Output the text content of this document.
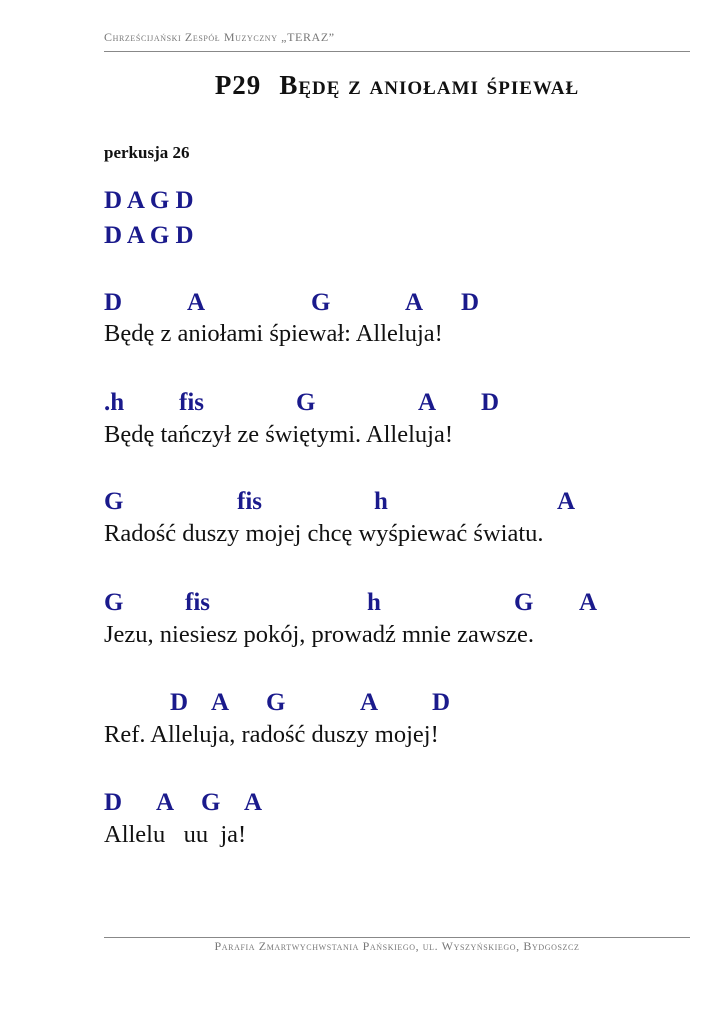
Chrześcijański Zespół Muzyczny „TERAZ”
P29 Będę z aniołami śpiewał
perkusja 26
D A G D
D A G D

D

	A

	G

	A

D

Będę z aniołami śpiewał: Alleluja!

.h

fis

	G

	A

D

Będę tańczył ze świętymi. Alleluja!

G

	fis

	h

	A

Radość duszy mojej chcę wyśpiewać światu.

G

fis

	h

	G

A

Jezu, niesiesz pokój, prowadź mnie zawsze.

D

A

G

	A

D

Ref. Alleluja, radość duszy mojej!

D

A

G

A

Allelu   uu  ja!
Parafia Zmartwychwstania Pańskiego, ul. Wyszyńskiego, Bydgoszcz
